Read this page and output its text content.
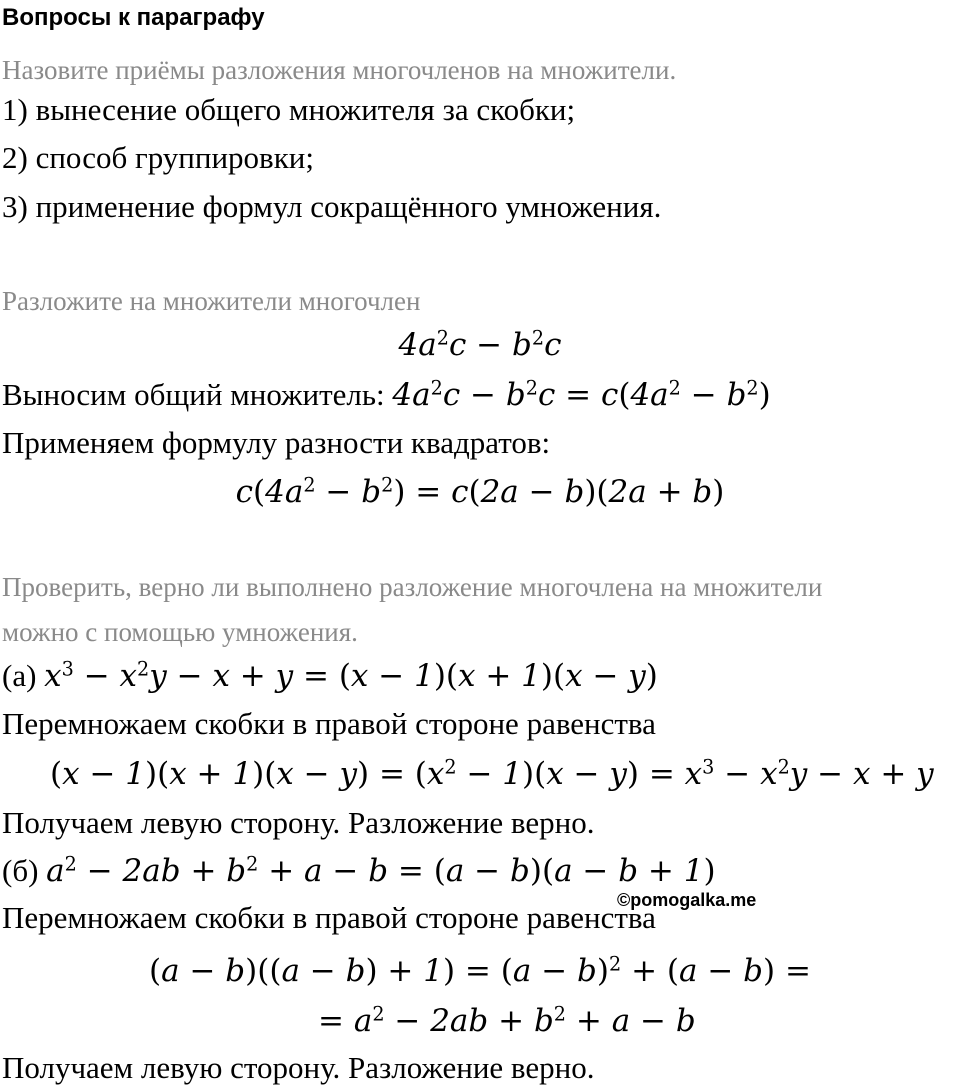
Вопросы к параграфу
Назовите приёмы разложения многочленов на множители.
1) вынесение общего множителя за скобки;
2) способ группировки;
3) применение формул сокращённого умножения.
Разложите на множители многочлен
$4a^2c - b^2c$
Выносим общий множитель: $4a^2c - b^2c = c(4a^2 - b^2)$
Применяем формулу разности квадратов:
$c(4a^2 - b^2) = c(2a - b)(2a + b)$
Проверить, верно ли выполнено разложение многочлена на множители
можно с помощью умножения.
(а) $x^3 - x^2y - x + y = (x - 1)(x + 1)(x - y)$
Перемножаем скобки в правой стороне равенства
$(x - 1)(x + 1)(x - y) = (x^2 - 1)(x - y) = x^3 - x^2y - x + y$
Получаем левую сторону. Разложение верно.
(б) $a^2 - 2ab + b^2 + a - b = (a - b)(a - b + 1)$
©pomogalka.me
Перемножаем скобки в правой стороне равенства
$(a - b)((a - b) + 1) = (a - b)^2 + (a - b)$ =
= $a^2 - 2ab + b^2 + a - b$
Получаем левую сторону. Разложение верно.
